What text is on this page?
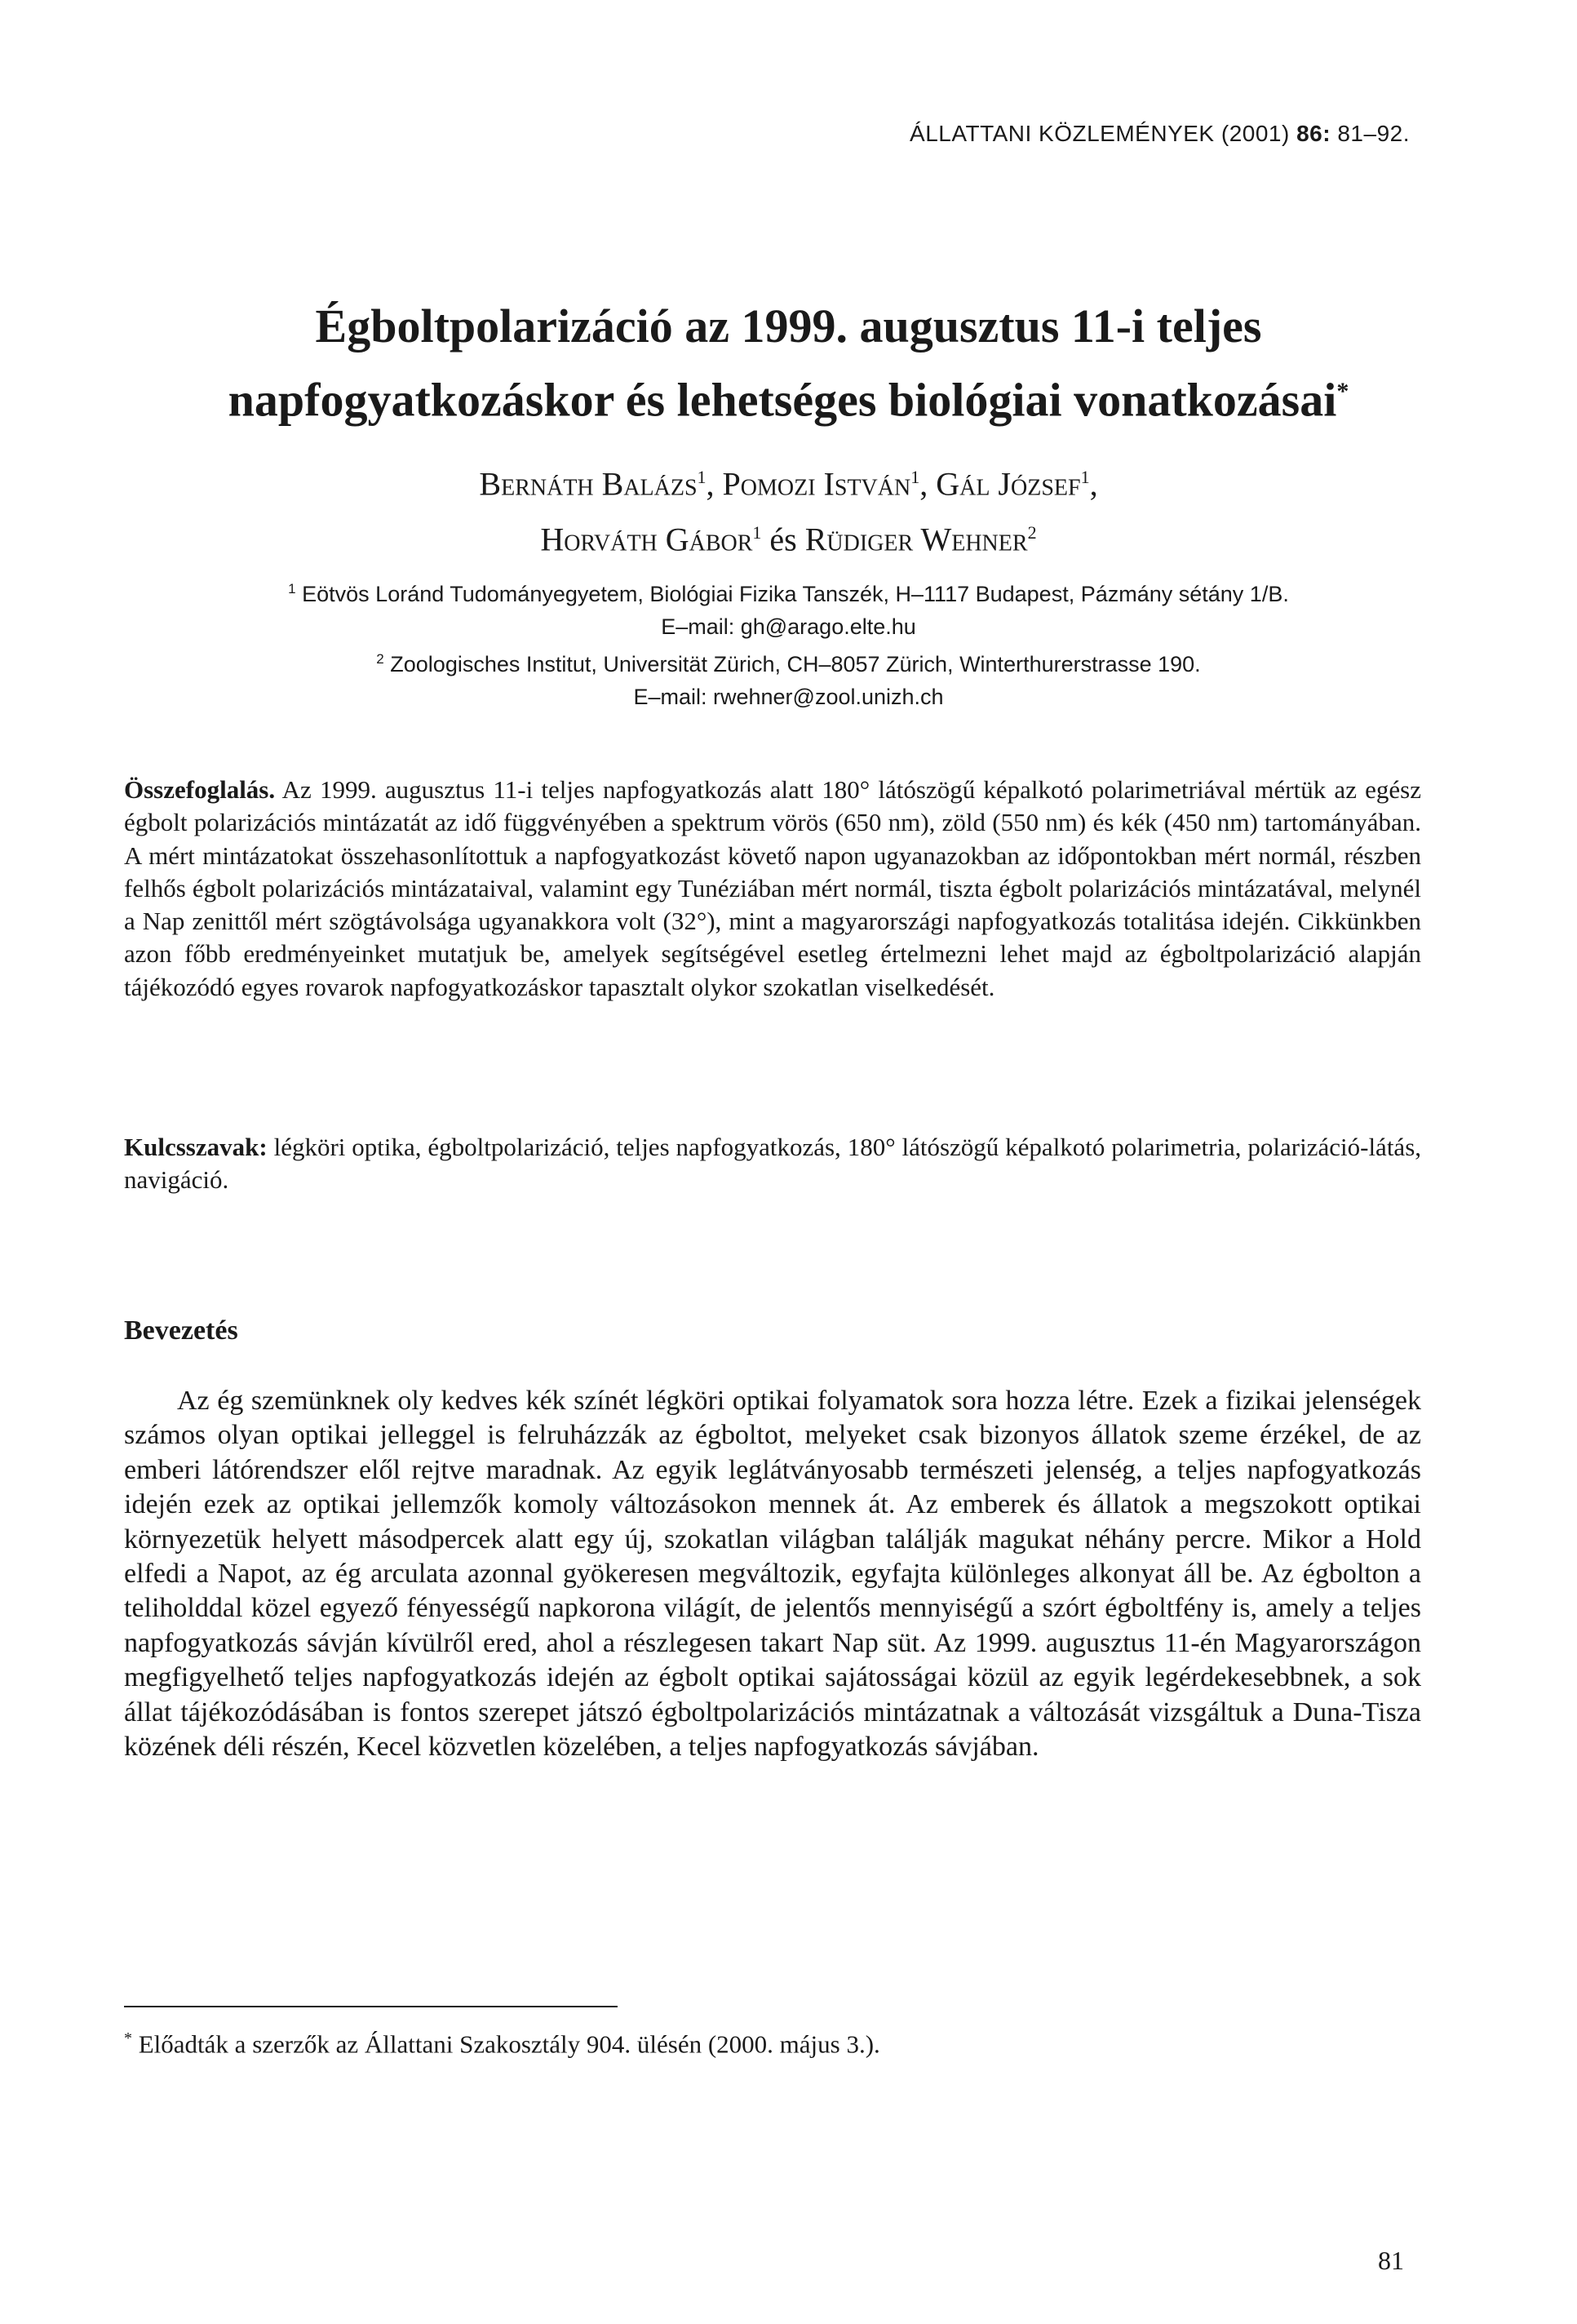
ÁLLATTANI KÖZLEMÉNYEK (2001) 86: 81–92.
Égboltpolarizáció az 1999. augusztus 11-i teljes
napfogyatkozáskor és lehetséges biológiai vonatkozásai*
Bernáth Balázs$^1$, Pomozi István$^1$, Gál József$^1$,
Horváth Gábor$^1$ és Rüdiger Wehner$^2$
$^1$ Eötvös Loránd Tudományegyetem, Biológiai Fizika Tanszék, H–1117 Budapest, Pázmány sétány 1/B.
E–mail: gh@arago.elte.hu
$^2$ Zoologisches Institut, Universität Zürich, CH–8057 Zürich, Winterthurerstrasse 190.
E–mail: rwehner@zool.unizh.ch
Összefoglalás. Az 1999. augusztus 11-i teljes napfogyatkozás alatt 180° látószögű képalkotó polarimetriával mértük az egész égbolt polarizációs mintázatát az idő függvényében a spektrum vörös (650 nm), zöld (550 nm) és kék (450 nm) tartományában. A mért mintázatokat összehasonlítottuk a napfogyatkozást követő napon ugyanazokban az időpontokban mért normál, részben felhős égbolt polarizációs mintázataival, valamint egy Tunéziában mért normál, tiszta égbolt polarizációs mintázatával, melynél a Nap zenittől mért szögtávolsága ugyanakkora volt (32°), mint a magyarországi napfogyatkozás totalitása idején. Cikkünkben azon főbb eredményeinket mutatjuk be, amelyek segítségével esetleg értelmezni lehet majd az égboltpolarizáció alapján tájékozódó egyes rovarok napfogyatkozáskor tapasztalt olykor szokatlan viselkedését.
Kulcsszavak: légköri optika, égboltpolarizáció, teljes napfogyatkozás, 180° látószögű képalkotó polarimetria, polarizáció-látás, navigáció.
Bevezetés
Az ég szemünknek oly kedves kék színét légköri optikai folyamatok sora hozza létre. Ezek a fizikai jelenségek számos olyan optikai jelleggel is felruházzák az égboltot, melyeket csak bizonyos állatok szeme érzékel, de az emberi látórendszer elől rejtve maradnak. Az egyik leglátványosabb természeti jelenség, a teljes napfogyatkozás idején ezek az optikai jellemzők komoly változásokon mennek át. Az emberek és állatok a megszokott optikai környezetük helyett másodpercek alatt egy új, szokatlan világban találják magukat néhány percre. Mikor a Hold elfedi a Napot, az ég arculata azonnal gyökeresen megváltozik, egyfajta különleges alkonyat áll be. Az égbolton a teliholddal közel egyező fényességű napkorona világít, de jelentős mennyiségű a szórt égboltfény is, amely a teljes napfogyatkozás sávján kívülről ered, ahol a részlegesen takart Nap süt. Az 1999. augusztus 11-én Magyarországon megfigyelhető teljes napfogyatkozás idején az égbolt optikai sajátosságai közül az egyik legérdekesebbnek, a sok állat tájékozódásában is fontos szerepet játszó égboltpolarizációs mintázatnak a változását vizsgáltuk a Duna-Tisza közének déli részén, Kecel közvetlen közelében, a teljes napfogyatkozás sávjában.
* Előadták a szerzők az Állattani Szakosztály 904. ülésén (2000. május 3.).
81
